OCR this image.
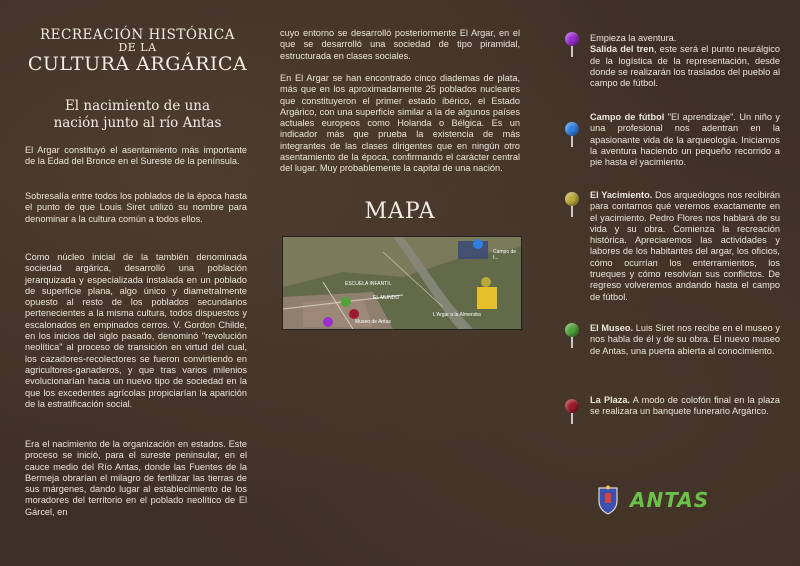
RECREACIÓN HISTÓRICA
DE LA
CULTURA ARGÁRICA
El nacimiento de una
nación junto al río Antas

El Argar constituyó el asentamiento más importante de la Edad del Bronce en el Sureste de la península.

Sobresalía entre todos los poblados de la época hasta el punto de que Louis Siret utilizó su nombre para denominar a la cultura común a todos ellos.

Como núcleo inicial de la también denominada sociedad argárica, desarrolló una población jerarquizada y especializada instalada en un poblado de superficie plana, algo único y diametralmente opuesto al resto de los poblados secundarios pertenecientes a la misma cultura, todos dispuestos y escalonados en empinados cerros. V. Gordon Childe, en los inicios del siglo pasado, denominó "revolución neolítica" al proceso de transición en virtud del cual, los cazadores-recolectores se fueron convirtiendo en agricultores-ganaderos, y que tras varios milenios evolucionarían hacia un nuevo tipo de sociedad en la que los excedentes agrícolas propiciarían la aparición de la estratificación social.

Era el nacimiento de la organización en estados. Este proceso se inició, para el sureste peninsular, en el cauce medio del Río Antas, donde las Fuentes de la Bermeja obrarían el milagro de fertilizar las tierras de sus márgenes, dando lugar al establecimiento de los moradores del territorio en el poblado neolítico de El Gárcel, en

cuyo entorno se desarrolló posteriormente El Argar, en el que se desarrolló una sociedad de tipo piramidal, estructurada en clases sociales.

En El Argar se han encontrado cinco diademas de plata, más que en los aproximadamente 25 poblados nucleares que constituyeron el primer estado ibérico, el Estado Argárico, con una superficie similar a la de algunos países actuales europeos como Holanda o Bélgica. Es un indicador más que prueba la existencia de más integrantes de las clases dirigentes que en ningún otro asentamiento de la época, confirmando el carácter central del lugar. Muy probablemente la capital de una nación.

MAPA
Campo de f...
ESCUELA INFANTIL
EL MUNDO
L'Argar a la Almendra
Museo de Antas
Empieza la aventura.
Salida del tren, este será el punto neurálgico de la logística de la representación, desde donde se realizarán los traslados del pueblo al campo de fútbol.
Campo de fútbol "El aprendizaje". Un niño y una profesional nos adentran en la apasionante vida de la arqueología. Iniciamos la aventura haciendo un pequeño recorrido a pie hasta el yacimiento.
El Yacimiento. Dos arqueólogos nos recibirán para contarnos qué veremos exactamente en el yacimiento. Pedro Flores nos hablará de su vida y su obra. Comienza la recreación histórica. Apreciaremos las actividades y labores de los habitantes del argar, los oficios, cómo ocurrían los enterramientos, los trueques y cómo resolvían sus conflictos. De regreso volveremos andando hasta el campo de fútbol.
El Museo. Luis Siret nos recibe en el museo y nos habla de él y de su obra. El nuevo museo de Antas, una puerta abierta al conocimiento.
La Plaza. A modo de colofón final en la plaza se realizara un banquete funerario Argárico.
ANTAS
